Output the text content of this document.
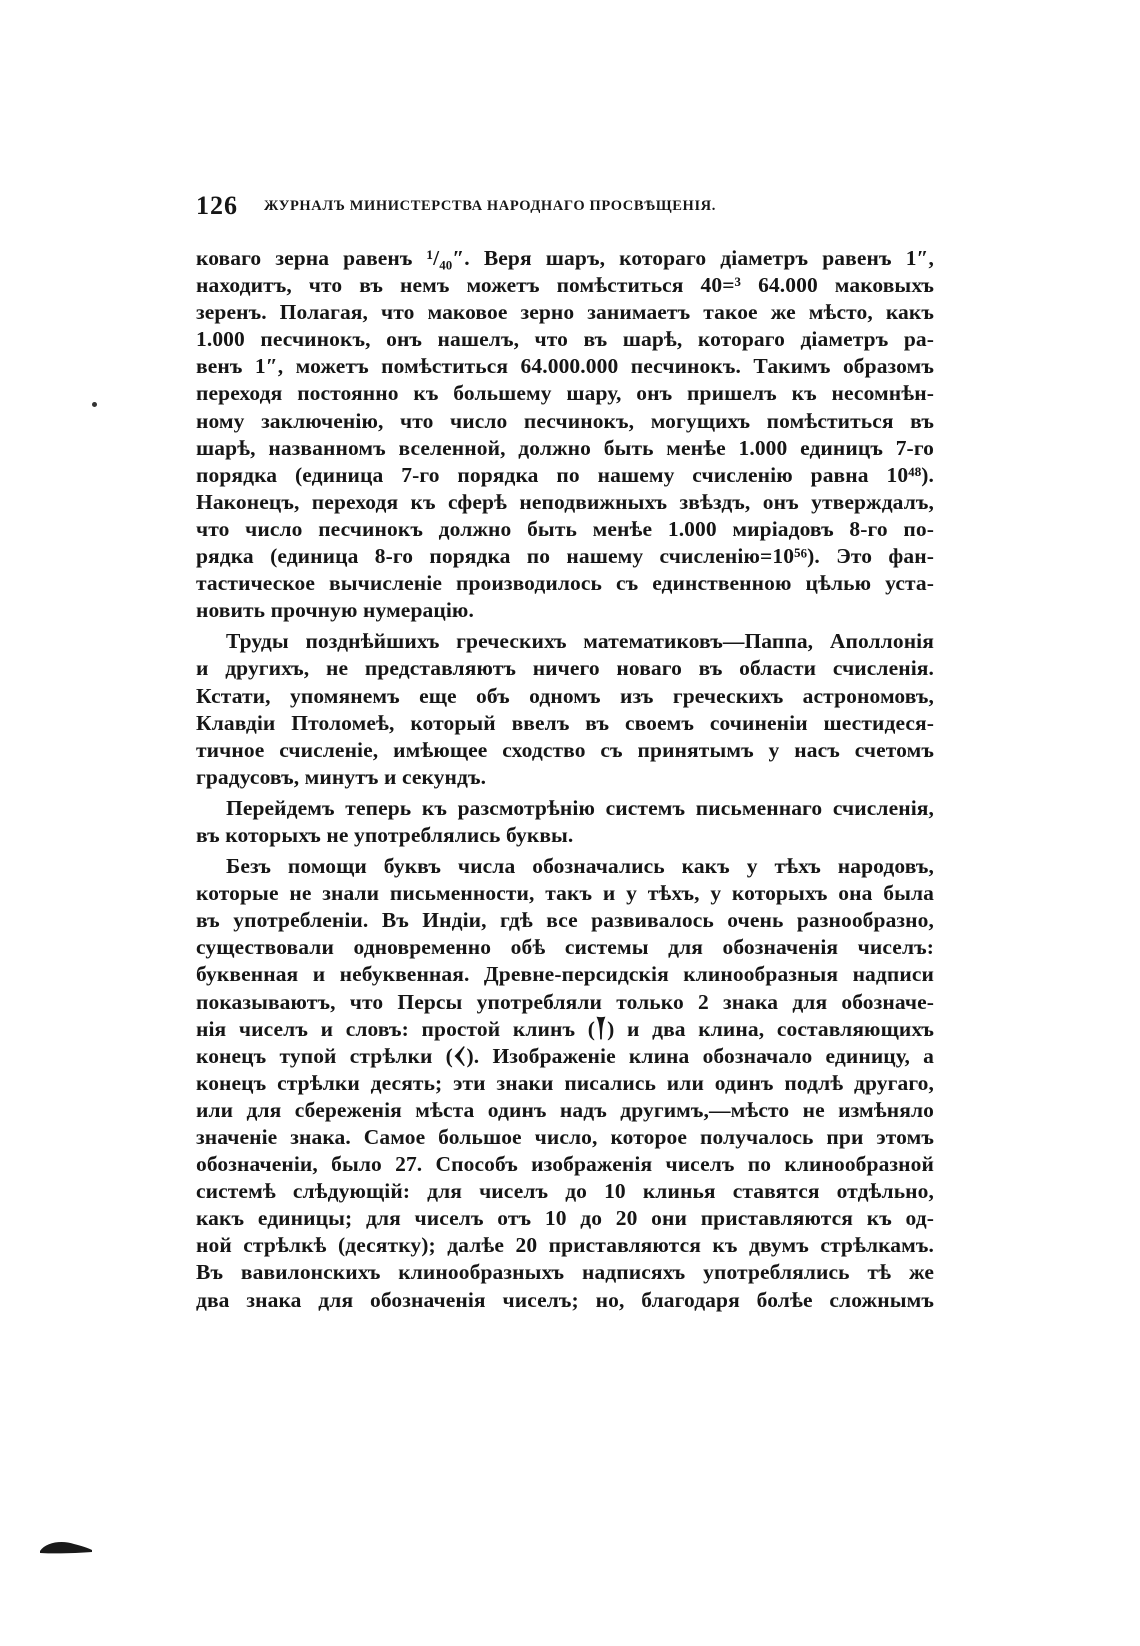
126 ЖУРНАЛЪ МИНИСТЕРСТВА НАРОДНАГО ПРОСВѢЩЕНІЯ.
коваго зерна равенъ ¹/₄₀″. Веря шаръ, котораго діаметръ равенъ 1″,
находитъ, что въ немъ можетъ помѣститься 40=³ 64.000 маковыхъ
зеренъ. Полагая, что маковое зерно занимаетъ такое же мѣсто, какъ
1.000 песчинокъ, онъ нашелъ, что въ шарѣ, котораго діаметръ ра-
венъ 1″, можетъ помѣститься 64.000.000 песчинокъ. Такимъ образомъ
переходя постоянно къ большему шару, онъ пришелъ къ несомнѣн-
ному заключенію, что число песчинокъ, могущихъ помѣститься въ
шарѣ, названномъ вселенной, должно быть менѣе 1.000 единицъ 7-го
порядка (единица 7-го порядка по нашему счисленію равна 10⁴⁸).
Наконецъ, переходя къ сферѣ неподвижныхъ звѣздъ, онъ утверждалъ,
что число песчинокъ должно быть менѣе 1.000 миріадовъ 8-го по-
рядка (единица 8-го порядка по нашему счисленію=10⁵⁶). Это фан-
тастическое вычисленіе производилось съ единственною цѣлью уста-
новить прочную нумерацію.
Труды позднѣйшихъ греческихъ математиковъ—Паппа, Аполлонія
и другихъ, не представляютъ ничего новаго въ области счисленія.
Кстати, упомянемъ еще объ одномъ изъ греческихъ астрономовъ,
Клавдіи Птоломеѣ, который ввелъ въ своемъ сочиненіи шестидеся-
тичное счисленіе, имѣющее сходство съ принятымъ у насъ счетомъ
градусовъ, минутъ и секундъ.
Перейдемъ теперь къ разсмотрѣнію системъ письменнаго счисленія,
въ которыхъ не употреблялись буквы.
Безъ помощи буквъ числа обозначались какъ у тѣхъ народовъ,
которые не знали письменности, такъ и у тѣхъ, у которыхъ она была
въ употребленіи. Въ Индіи, гдѣ все развивалось очень разнообразно,
существовали одновременно обѣ системы для обозначенія чиселъ:
буквенная и небуквенная. Древне-персидскія клинообразныя надписи
показываютъ, что Персы употребляли только 2 знака для обозначе-
нія чиселъ и словъ: простой клинъ (𒐕) и два клина, составляющихъ
конецъ тупой стрѣлки (𒌋). Изображеніе клина обозначало единицу, а
конецъ стрѣлки десять; эти знаки писались или одинъ подлѣ другаго,
или для сбереженія мѣста одинъ надъ другимъ,—мѣсто не измѣняло
значеніе знака. Самое большое число, которое получалось при этомъ
обозначеніи, было 27. Способъ изображенія чиселъ по клинообразной
системѣ слѣдующій: для чиселъ до 10 клинья ставятся отдѣльно,
какъ единицы; для чиселъ отъ 10 до 20 они приставляются къ од-
ной стрѣлкѣ (десятку); далѣе 20 приставляются къ двумъ стрѣлкамъ.
Въ вавилонскихъ клинообразныхъ надписяхъ употреблялись тѣ же
два знака для обозначенія чиселъ; но, благодаря болѣе сложнымъ
